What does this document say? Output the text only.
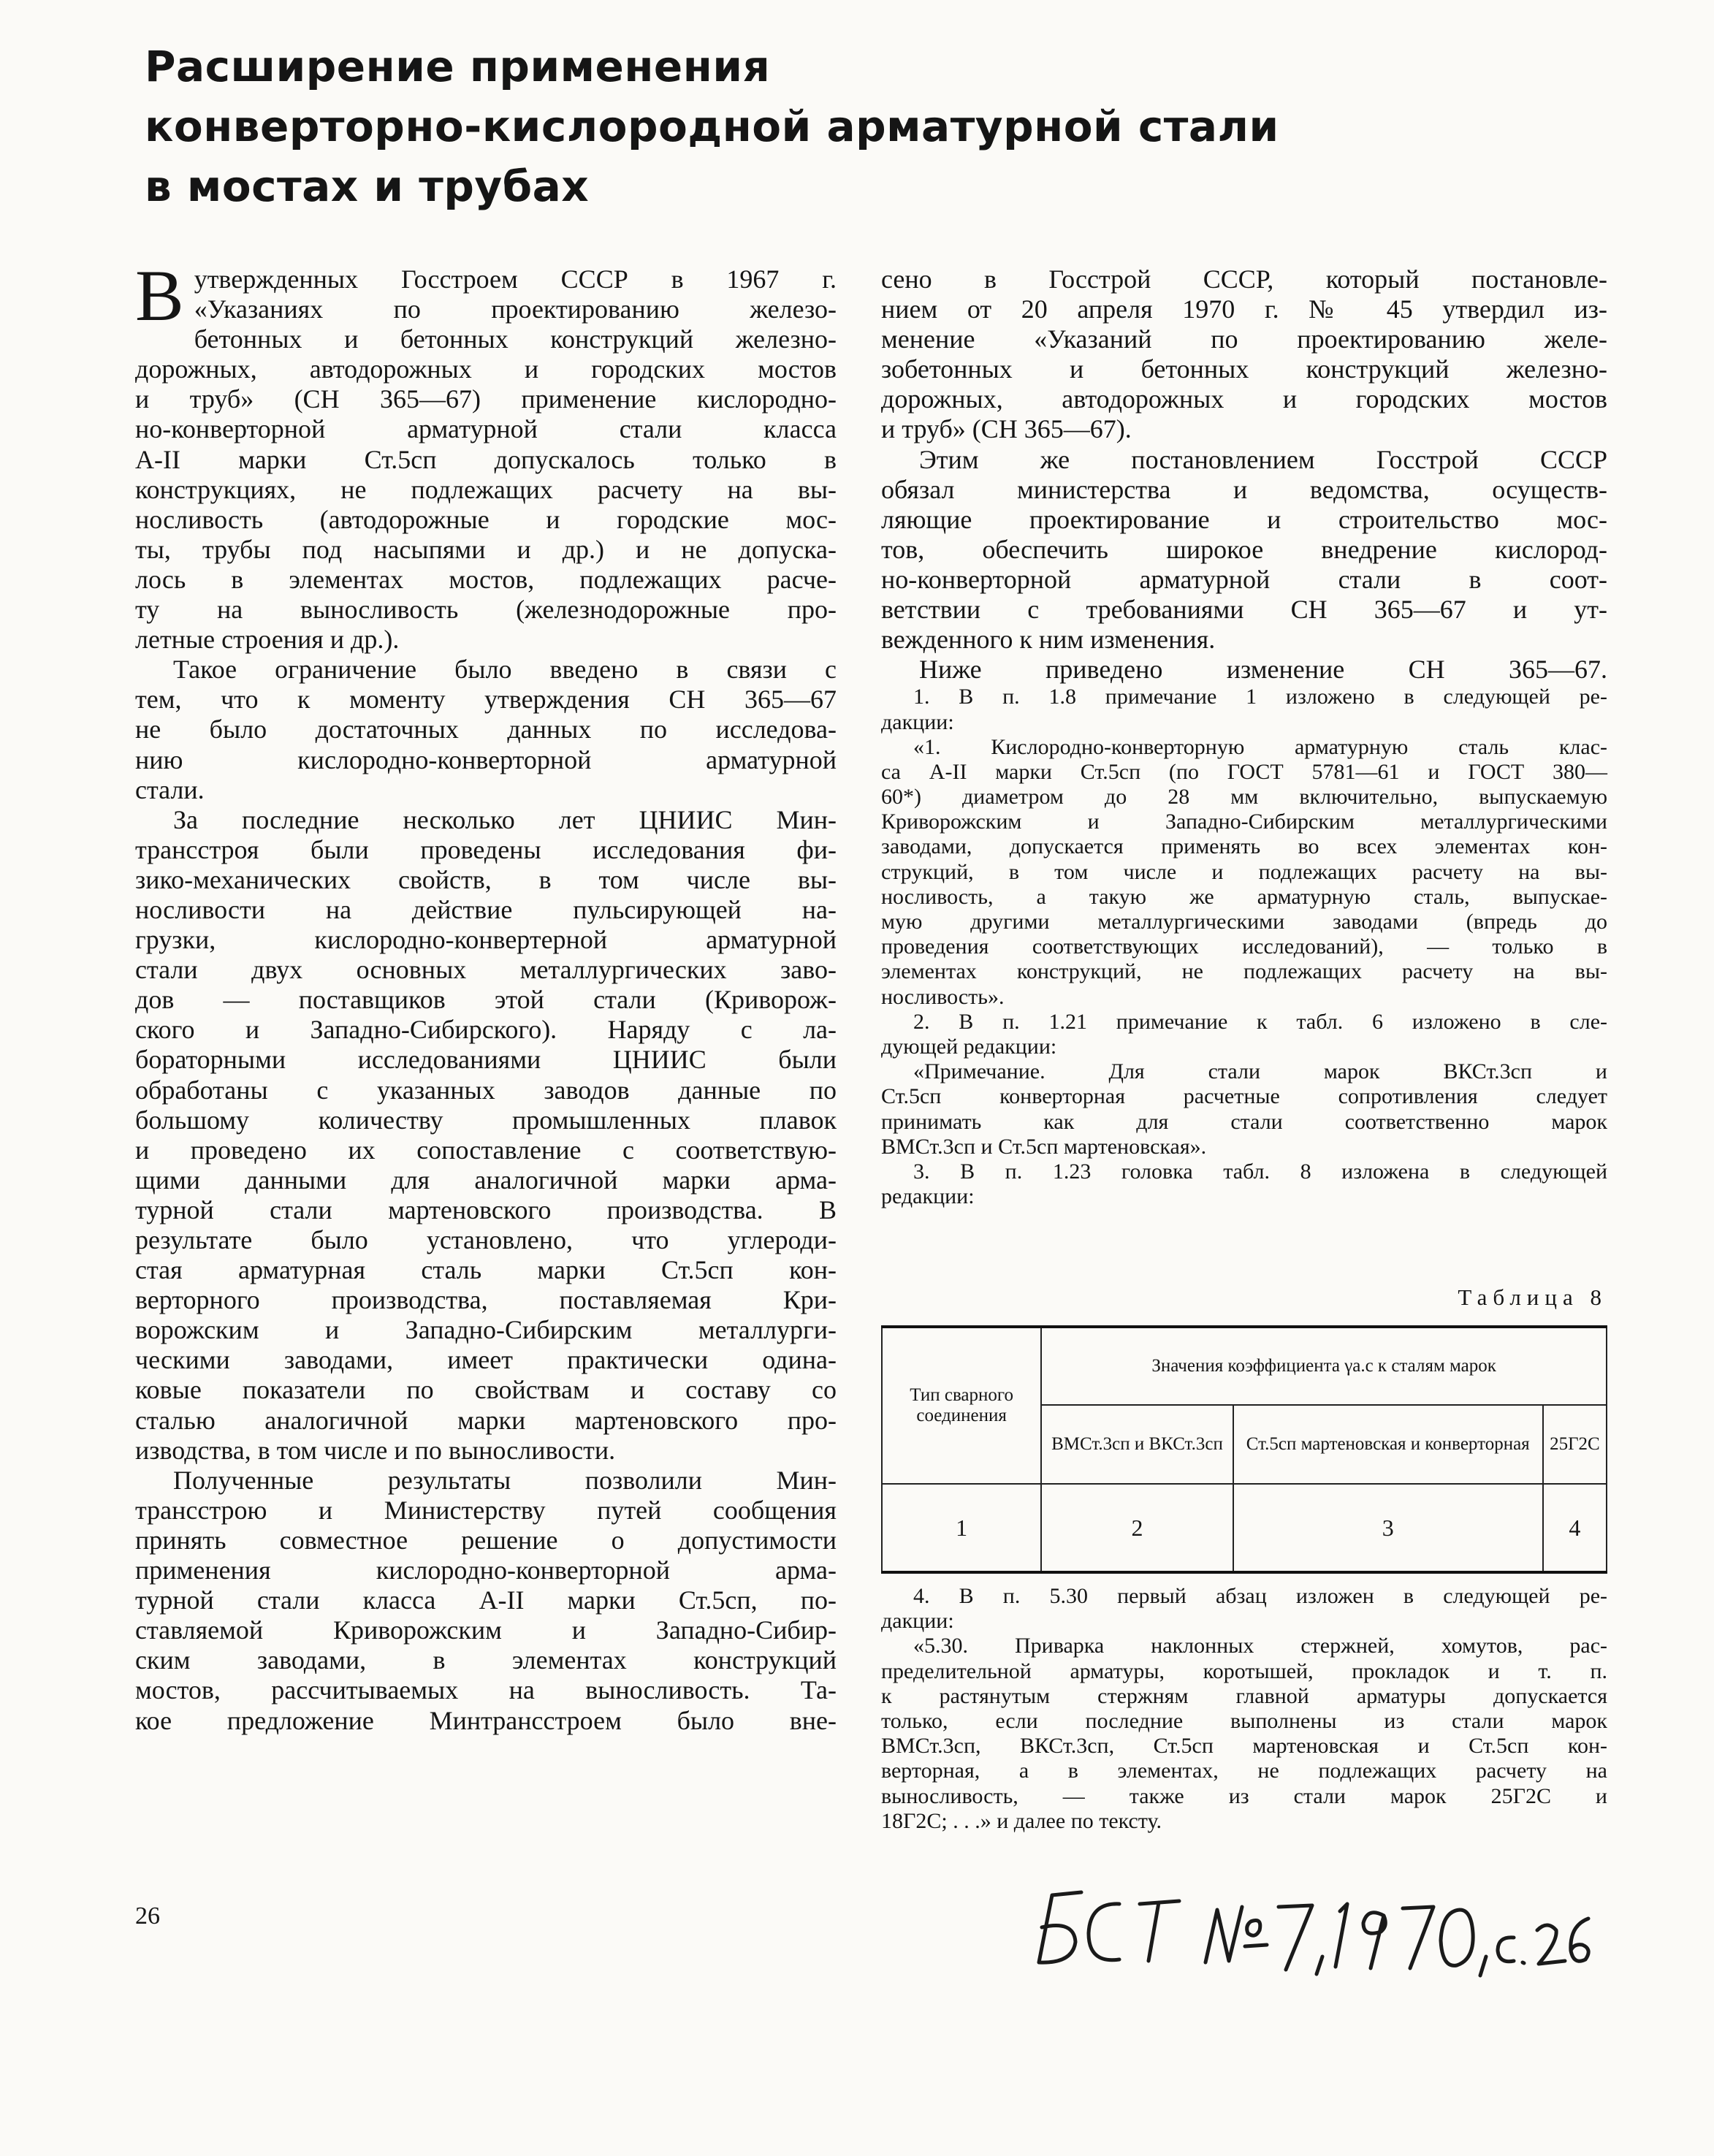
Расширение применения
конверторно-кислородной арматурной стали
в мостах и трубах
В утвержденных Госстроем СССР в 1967 г.
«Указаниях по проектированию железо-
бетонных и бетонных конструкций железно-
дорожных, автодорожных и городских мостов
и труб» (СН 365—67) применение кислородно-
но-конверторной арматурной стали класса
А-II марки Ст.5сп допускалось только в
конструкциях, не подлежащих расчету на вы-
носливость (автодорожные и городские мос-
ты, трубы под насыпями и др.) и не допуска-
лось в элементах мостов, подлежащих расче-
ту на выносливость (железнодорожные про-
летные строения и др.).
Такое ограничение было введено в связи с
тем, что к моменту утверждения СН 365—67
не было достаточных данных по исследова-
нию кислородно-конверторной арматурной
стали.
За последние несколько лет ЦНИИС Мин-
трансстроя были проведены исследования фи-
зико-механических свойств, в том числе вы-
носливости на действие пульсирующей на-
грузки, кислородно-конвертерной арматурной
стали двух основных металлургических заво-
дов — поставщиков этой стали (Криворож-
ского и Западно-Сибирского). Наряду с ла-
бораторными исследованиями ЦНИИС были
обработаны с указанных заводов данные по
большому количеству промышленных плавок
и проведено их сопоставление с соответствую-
щими данными для аналогичной марки арма-
турной стали мартеновского производства. В
результате было установлено, что углероди-
стая арматурная сталь марки Ст.5сп кон-
верторного производства, поставляемая Кри-
ворожским и Западно-Сибирским металлурги-
ческими заводами, имеет практически одина-
ковые показатели по свойствам и составу со
сталью аналогичной марки мартеновского про-
изводства, в том числе и по выносливости.
Полученные результаты позволили Мин-
трансстрою и Министерству путей сообщения
принять совместное решение о допустимости
применения кислородно-конверторной арма-
турной стали класса А-II марки Ст.5сп, по-
ставляемой Криворожским и Западно-Сибир-
ским заводами, в элементах конструкций
мостов, рассчитываемых на выносливость. Та-
кое предложение Минтрансстроем было вне-
сено в Госстрой СССР, который постановле-
нием от 20 апреля 1970 г. № 45 утвердил из-
менение «Указаний по проектированию желе-
зобетонных и бетонных конструкций железно-
дорожных, автодорожных и городских мостов
и труб» (СН 365—67).
Этим же постановлением Госстрой СССР
обязал министерства и ведомства, осуществ-
ляющие проектирование и строительство мос-
тов, обеспечить широкое внедрение кислород-
но-конверторной арматурной стали в соот-
ветствии с требованиями СН 365—67 и ут-
вежденного к ним изменения.
Ниже приведено изменение СН 365—67.
1. В п. 1.8 примечание 1 изложено в следующей ре-
дакции:
«1. Кислородно-конверторную арматурную сталь клас-
са А-II марки Ст.5сп (по ГОСТ 5781—61 и ГОСТ 380—
60*) диаметром до 28 мм включительно, выпускаемую
Криворожским и Западно-Сибирским металлургическими
заводами, допускается применять во всех элементах кон-
струкций, в том числе и подлежащих расчету на вы-
носливость, а такую же арматурную сталь, выпускае-
мую другими металлургическими заводами (впредь до
проведения соответствующих исследований), — только в
элементах конструкций, не подлежащих расчету на вы-
носливость».
2. В п. 1.21 примечание к табл. 6 изложено в сле-
дующей редакции:
«Примечание. Для стали марок ВКСт.3сп и
Ст.5сп конверторная расчетные сопротивления следует
принимать как для стали соответственно марок
ВМСт.3сп и Ст.5сп мартеновская».
3. В п. 1.23 головка табл. 8 изложена в следующей
редакции:
Таблица 8
Тип сварного соединения	Значения коэффициента γа.с к сталям марок		
	ВМСт.3сп и ВКСт.3сп	Ст.5сп мартеновская и конверторная	25Г2С
1	2	3	4
4. В п. 5.30 первый абзац изложен в следующей ре-
дакции:
«5.30. Приварка наклонных стержней, хомутов, рас-
пределительной арматуры, коротышей, прокладок и т. п.
к растянутым стержням главной арматуры допускается
только, если последние выполнены из стали марок
ВМСт.3сп, ВКСт.3сп, Ст.5сп мартеновская и Ст.5сп кон-
верторная, а в элементах, не подлежащих расчету на
выносливость, — также из стали марок 25Г2С и
18Г2С; . . .» и далее по тексту.
26
